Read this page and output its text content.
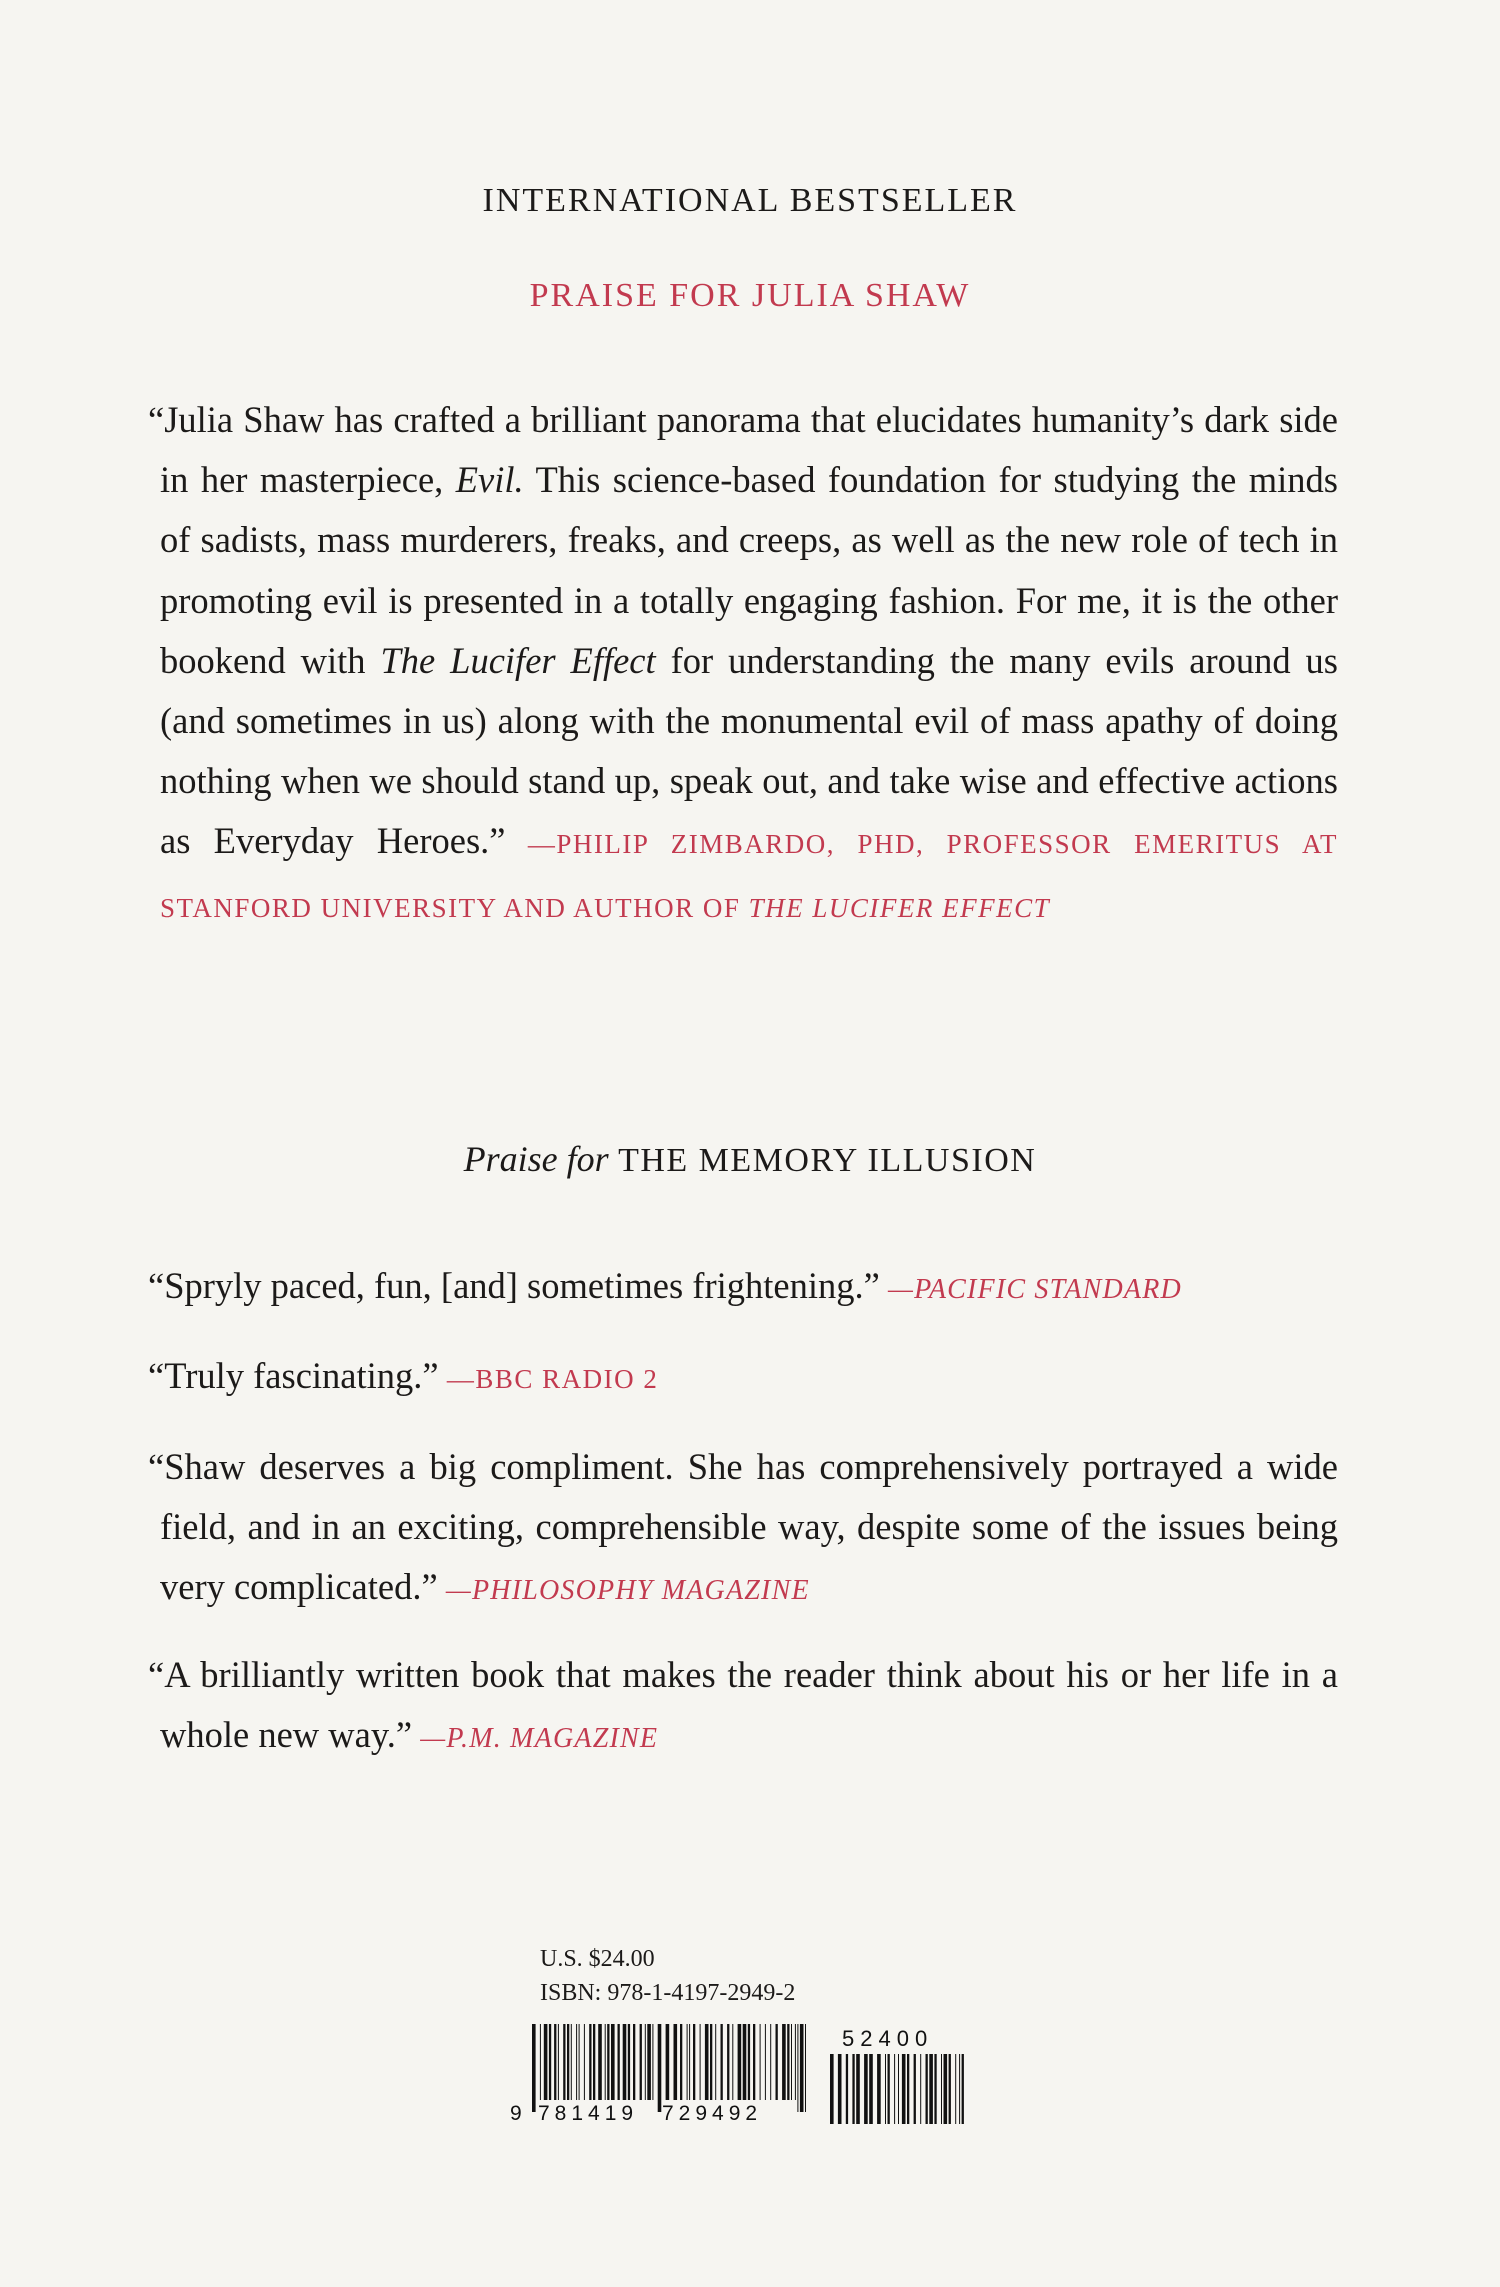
INTERNATIONAL BESTSELLER
PRAISE FOR JULIA SHAW
“Julia Shaw has crafted a brilliant panorama that elucidates humanity’s dark side in her masterpiece, Evil. This science-based foundation for studying the minds of sadists, mass murderers, freaks, and creeps, as well as the new role of tech in promoting evil is presented in a totally engaging fashion. For me, it is the other bookend with The Lucifer Effect for understanding the many evils around us (and sometimes in us) along with the monumental evil of mass apathy of doing nothing when we should stand up, speak out, and take wise and effective actions as Everyday Heroes.” —PHILIP ZIMBARDO, PHD, PROFESSOR EMERITUS AT STANFORD UNIVERSITY AND AUTHOR OF THE LUCIFER EFFECT
Praise for THE MEMORY ILLUSION
“Spryly paced, fun, [and] sometimes frightening.” —PACIFIC STANDARD
“Truly fascinating.” —BBC RADIO 2
“Shaw deserves a big compliment. She has comprehensively portrayed a wide field, and in an exciting, comprehensible way, despite some of the issues being very complicated.” —PHILOSOPHY MAGAZINE
“A brilliantly written book that makes the reader think about his or her life in a whole new way.” —P.M. MAGAZINE
U.S. $24.00
ISBN: 978-1-4197-2949-2
9 781419 729492
52400
